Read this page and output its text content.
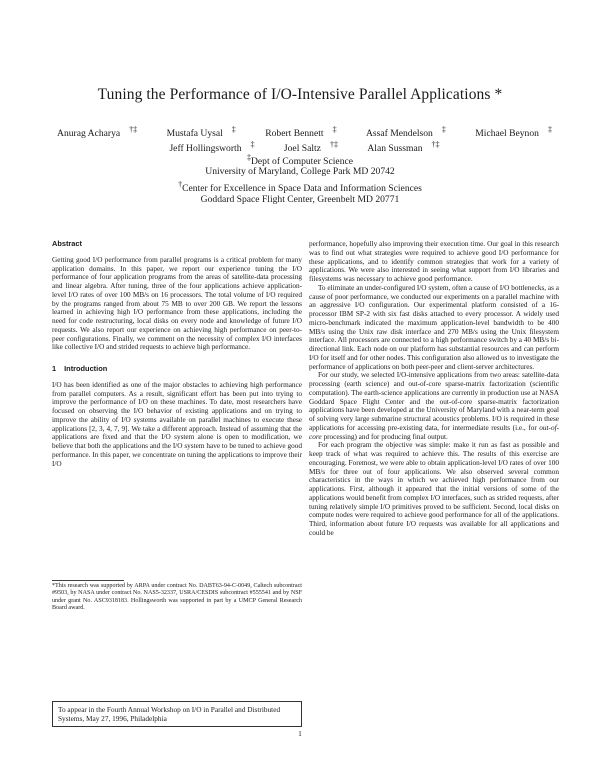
Tuning the Performance of I/O-Intensive Parallel Applications *
Anurag Acharya †‡	Mustafa Uysal ‡	Robert Bennett ‡	Assaf Mendelson ‡	Michael Beynon ‡
Jeff Hollingsworth ‡	Joel Saltz †‡	Alan Sussman †‡
‡Dept of Computer Science
University of Maryland, College Park MD 20742
†Center for Excellence in Space Data and Information Sciences
Goddard Space Flight Center, Greenbelt MD 20771
Abstract

Getting good I/O performance from parallel programs is a critical problem for many application domains. In this paper, we report our experience tuning the I/O performance of four application programs from the areas of satellite-data processing and linear algebra. After tuning, three of the four applications achieve application-level I/O rates of over 100 MB/s on 16 processors. The total volume of I/O required by the programs ranged from about 75 MB to over 200 GB. We report the lessons learned in achieving high I/O performance from these applications, including the need for code restructuring, local disks on every node and knowledge of future I/O requests. We also report our experience on achieving high performance on peer-to-peer configurations. Finally, we comment on the necessity of complex I/O interfaces like collective I/O and strided requests to achieve high performance.

1 Introduction

I/O has been identified as one of the major obstacles to achieving high performance from parallel computers. As a result, significant effort has been put into trying to improve the performance of I/O on these machines. To date, most researchers have focused on observing the I/O behavior of existing applications and on trying to improve the ability of I/O systems available on parallel machines to execute these applications [2, 3, 4, 7, 9]. We take a different approach. Instead of assuming that the applications are fixed and that the I/O system alone is open to modification, we believe that both the applications and the I/O system have to be tuned to achieve good performance. In this paper, we concentrate on tuning the applications to improve their I/O

*This research was supported by ARPA under contract No. DABT63-94-C-0049, Caltech subcontract #9503, by NASA under contract No. NAS5-32337, USRA/CESDIS subcontract #555541 and by NSF under grant No. ASC9318183. Hollingsworth was supported in part by a UMCP General Research Board award.
To appear in the Fourth Annual Workshop on I/O in Parallel and Distributed Systems, May 27, 1996, Philadelphia

performance, hopefully also improving their execution time. Our goal in this research was to find out what strategies were required to achieve good I/O performance for these applications, and to identify common strategies that work for a variety of applications. We were also interested in seeing what support from I/O libraries and filesystems was necessary to achieve good performance.

To eliminate an under-configured I/O system, often a cause of I/O bottlenecks, as a cause of poor performance, we conducted our experiments on a parallel machine with an aggressive I/O configuration. Our experimental platform consisted of a 16-processor IBM SP-2 with six fast disks attached to every processor. A widely used micro-benchmark indicated the maximum application-level bandwidth to be 400 MB/s using the Unix raw disk interface and 270 MB/s using the Unix filesystem interface. All processors are connected to a high performance switch by a 40 MB/s bi-directional link. Each node on our platform has substantial resources and can perform I/O for itself and for other nodes. This configuration also allowed us to investigate the performance of applications on both peer-peer and client-server architectures.

For our study, we selected I/O-intensive applications from two areas: satellite-data processing (earth science) and out-of-core sparse-matrix factorization (scientific computation). The earth-science applications are currently in production use at NASA Goddard Space Flight Center and the out-of-core sparse-matrix factorization applications have been developed at the University of Maryland with a near-term goal of solving very large submarine structural acoustics problems. I/O is required in these applications for accessing pre-existing data, for intermediate results (i.e., for out-of-core processing) and for producing final output.

For each program the objective was simple: make it run as fast as possible and keep track of what was required to achieve this. The results of this exercise are encouraging. Foremost, we were able to obtain application-level I/O rates of over 100 MB/s for three out of four applications. We also observed several common characteristics in the ways in which we achieved high performance from our applications. First, although it appeared that the initial versions of some of the applications would benefit from complex I/O interfaces, such as strided requests, after tuning relatively simple I/O primitives proved to be sufficient. Second, local disks on compute nodes were required to achieve good performance for all of the applications. Third, information about future I/O requests was available for all applications and could be

1
